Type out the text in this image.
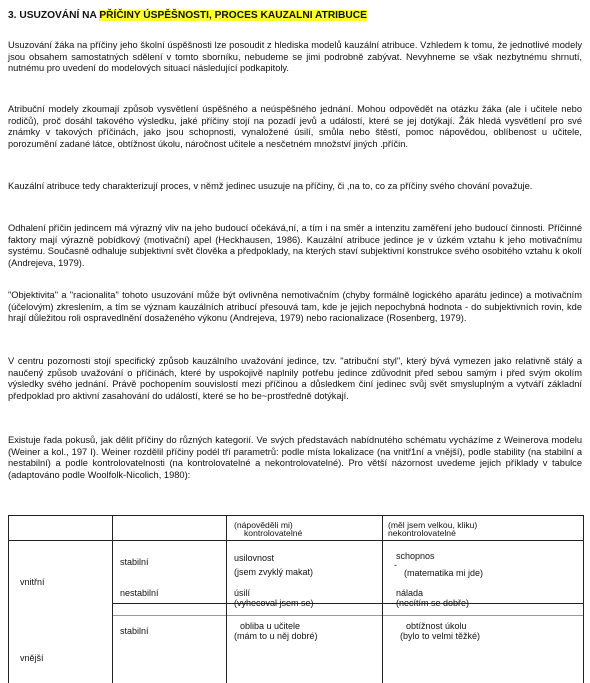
3. USUZOVÁNÍ NA PŘÍČINY ÚSPĚŠNOSTI, PROCES KAUZALNI ATRIBUCE

Usuzování žáka na příčiny jeho školní úspěšnosti lze posoudit z hlediska modelů kauzální atribuce. Vzhledem k tomu, že jednotlivé modely jsou obsahem samostatných sdělení v tomto sborníku, nebudeme se jimi podrobně zabývat. Nevyhneme se však nezbytnému shrnutí, nutnému pro uvedení do modelových situací následující podkapitoly.

Atribuční modely zkoumají způsob vysvětlení úspěšného a neúspěšného jednání. Mohou odpovědět na otázku žáka (ale i učitele nebo rodičů), proč dosáhl takového výsledku, jaké příčiny stojí na pozadí jevů a událostí, které se jej dotýkají. Žák hledá vysvětlení pro své známky v takových příčinách, jako jsou schopnosti, vynaložené úsilí, smůla nebo štěstí, pomoc nápovědou, oblíbenost u učitele, porozumění zadané látce, obtížnost úkolu, náročnost učitele a nesčetném množství jiných .příčin.

Kauzální atribuce tedy charakterizují proces, v němž jedinec usuzuje na příčiny, či ,na to, co za příčiny svého chování považuje.

Odhalení příčin jedincem má výrazný vliv na jeho budoucí očekává,ní, a tím i na směr a intenzitu zaměření jeho budoucí činnosti. Příčinné faktory mají výrazně pobídkový (motivační) apel (Heckhausen, 1986). Kauzální atribuce jedince je v úzkém vztahu k jeho motivačnímu systému. Současně odhaluje subjektivní svět člověka a předpoklady, na kterých staví subjektivní konstrukce svého osobitého vztahu k okolí (Andrejeva, 1979).

"Objektivita" a "racionalita" tohoto usuzování může být ovlivněna nemotivačním (chyby formálně logického aparátu jedince) a motivačním (účelovým) zkreslením, a tím se význam kauzálních atribucí přesouvá tam, kde je jejich nepochybná hodnota - do subjektivních rovin, kde hrají důležitou roli ospravedlnění dosaženého výkonu (Andrejeva, 1979) nebo racionalizace (Rosenberg, 1979).

V centru pozornosti stojí specifický způsob kauzálního uvažování jedince, tzv. "atribuční styl", který bývá vymezen jako relativně stálý a naučený způsob uvažování o příčinách, které by uspokojivě naplnily potřebu jedince zdůvodnit před sebou samým i před svým okolím výsledky svého jednání. Právě pochopením souvislostí mezi příčinou a důsledkem činí jedinec svůj svět smysluplným a vytváří základní předpoklad pro aktivní zasahování do událostí, které se ho be~prostředně dotýkají.

Existuje řada pokusů, jak dělit příčiny do různých kategorií. Ve svých představách nabídnutého schématu vycházíme z Weinerova modelu (Weiner a kol., 197 I). Weiner rozdělil příčiny podél tří parametrů: podle místa lokalizace (na vnitř1ní a vnější), podle stability (na stabilní a nestabilní) a podle kontrolovatelnosti (na kontrolovatelné a nekontrolovatelné). Pro větší názornost uvedeme jejich příklady v tabulce (adaptováno podle Woolfolk-Nicolich, 1980):

(nápověděli mi)
kontrolovatelné
(měl jsem velkou, kliku)
nekontrolovatelné
vnitřní
vnější
stabilní
nestabilní
stabilní
usilovnost
(jsem zvyklý makat)
schopnos
-
(matematika mi jde)
úsilí
(vyhecoval jsem se)
nálada
(necítím se dobře)
obliba u učitele
(mám to u něj dobré)
obtížnost úkolu
(bylo to velmi těžké)
